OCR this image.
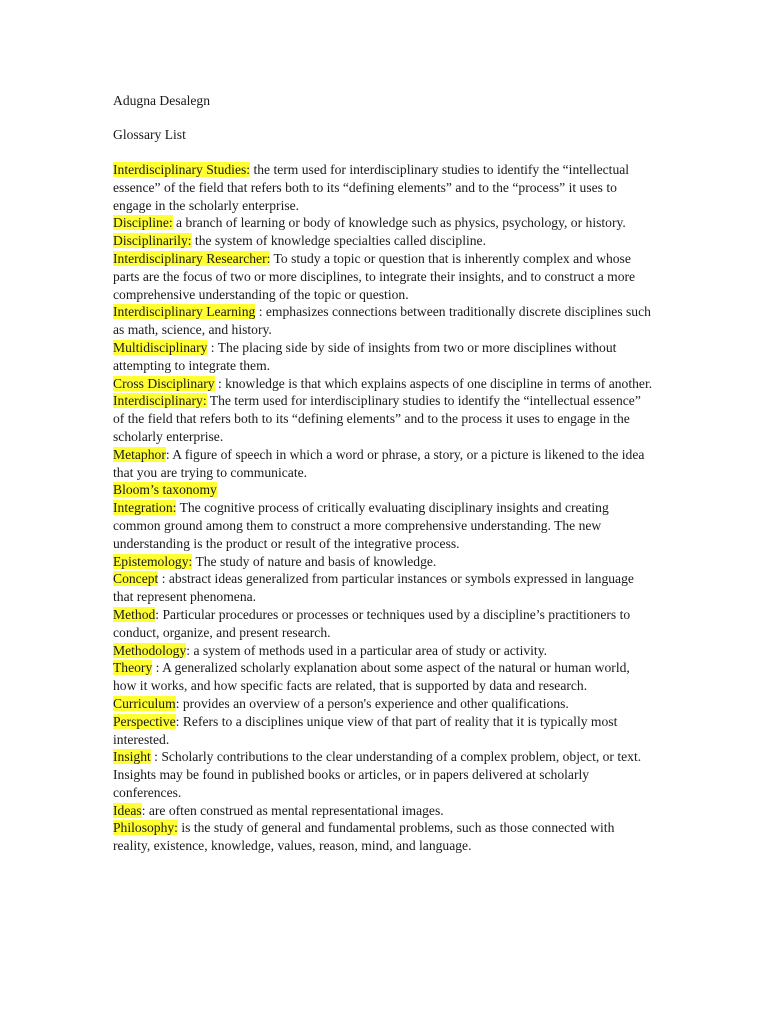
Adugna Desalegn

Glossary List

Interdisciplinary Studies: the term used for interdisciplinary studies to identify the “intellectual essence” of the field that refers both to its “defining elements” and to the “process” it uses to engage in the scholarly enterprise.

Discipline: a branch of learning or body of knowledge such as physics, psychology, or history.

Disciplinarily: the system of knowledge specialties called discipline.

Interdisciplinary Researcher: To study a topic or question that is inherently complex and whose parts are the focus of two or more disciplines, to integrate their insights, and to construct a more comprehensive understanding of the topic or question.

Interdisciplinary Learning : emphasizes connections between traditionally discrete disciplines such as math, science, and history.

Multidisciplinary : The placing side by side of insights from two or more disciplines without attempting to integrate them.

Cross Disciplinary : knowledge is that which explains aspects of one discipline in terms of another.

Interdisciplinary: The term used for interdisciplinary studies to identify the “intellectual essence” of the field that refers both to its “defining elements” and to the process it uses to engage in the scholarly enterprise.

Metaphor: A figure of speech in which a word or phrase, a story, or a picture is likened to the idea that you are trying to communicate.

Bloom’s taxonomy

Integration: The cognitive process of critically evaluating disciplinary insights and creating common ground among them to construct a more comprehensive understanding. The new understanding is the product or result of the integrative process.

Epistemology: The study of nature and basis of knowledge.

Concept : abstract ideas generalized from particular instances or symbols expressed in language that represent phenomena.

Method: Particular procedures or processes or techniques used by a discipline’s practitioners to conduct, organize, and present research.

Methodology: a system of methods used in a particular area of study or activity.

Theory : A generalized scholarly explanation about some aspect of the natural or human world, how it works, and how specific facts are related, that is supported by data and research.

Curriculum: provides an overview of a person's experience and other qualifications.

Perspective: Refers to a disciplines unique view of that part of reality that it is typically most interested.

Insight : Scholarly contributions to the clear understanding of a complex problem, object, or text. Insights may be found in published books or articles, or in papers delivered at scholarly conferences.

Ideas: are often construed as mental representational images.

Philosophy: is the study of general and fundamental problems, such as those connected with reality, existence, knowledge, values, reason, mind, and language.
